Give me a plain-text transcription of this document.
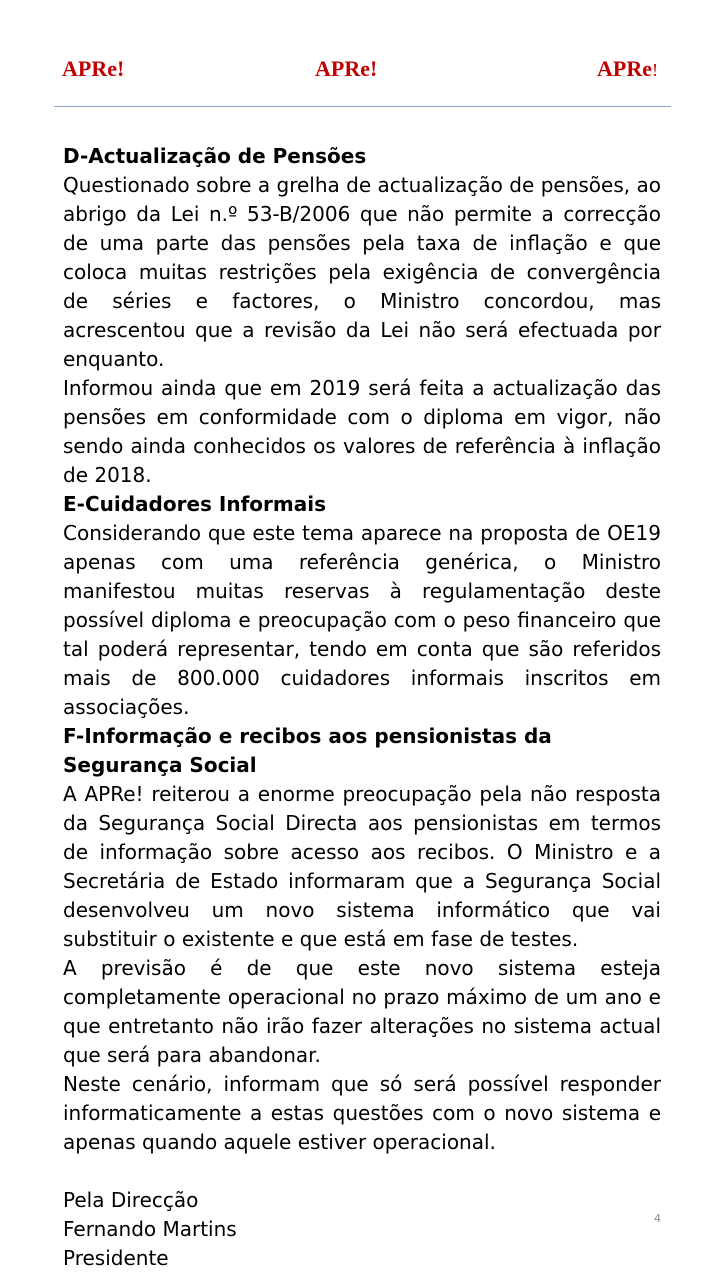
APRe!	APRe!	APRe!
D-Actualização de Pensões

Questionado sobre a grelha de actualização de pensões, ao abrigo da Lei n.º 53-B/2006 que não permite a correcção de uma parte das pensões pela taxa de inflação e que coloca muitas restrições pela exigência de convergência de séries e factores, o Ministro concordou, mas acrescentou que a revisão da Lei não será efectuada por enquanto.

Informou ainda que em 2019 será feita a actualização das pensões em conformidade com o diploma em vigor, não sendo ainda conhecidos os valores de referência à inflação de 2018.

E-Cuidadores Informais

Considerando que este tema aparece na proposta de OE19 apenas com uma referência genérica, o Ministro manifestou muitas reservas à regulamentação deste possível diploma e preocupação com o peso financeiro que tal poderá representar, tendo em conta que são referidos mais de 800.000 cuidadores informais inscritos em associações.

F-Informação e recibos aos pensionistas da Segurança Social

A APRe! reiterou a enorme preocupação pela não resposta da Segurança Social Directa aos pensionistas em termos de informação sobre acesso aos recibos. O Ministro e a Secretária de Estado informaram que a Segurança Social desenvolveu um novo sistema informático que vai substituir o existente e que está em fase de testes.

A previsão é de que este novo sistema esteja completamente operacional no prazo máximo de um ano e que entretanto não irão fazer alterações no sistema actual que será para abandonar.

Neste cenário, informam que só será possível responder informaticamente a estas questões com o novo sistema e apenas quando aquele estiver operacional.

Pela Direcção
Fernando Martins
Presidente
4
